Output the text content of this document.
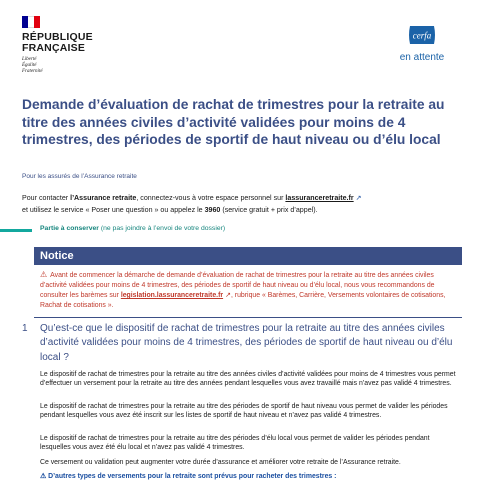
RÉPUBLIQUE
FRANÇAISE
Liberté
Égalité
Fraternité
cerfa
en attente
Demande d’évaluation de rachat de trimestres pour la retraite au titre des années civiles d’activité validées pour moins de 4 trimestres, des périodes de sportif de haut niveau ou d’élu local
Pour les assurés de l’Assurance retraite
Pour contacter l’Assurance retraite, connectez-vous à votre espace personnel sur lassuranceretraite.fr ↗
et utilisez le service « Poser une question » ou appelez le 3960 (service gratuit + prix d’appel).
Partie à conserver (ne pas joindre à l’envoi de votre dossier)
Notice
⚠ Avant de commencer la démarche de demande d’évaluation de rachat de trimestres pour la retraite au titre des années civiles d’activité validées pour moins de 4 trimestres, des périodes de sportif de haut niveau ou d’élu local, nous vous recommandons de consulter les barèmes sur legislation.lassuranceretraite.fr ↗, rubrique « Barèmes, Carrière, Versements volontaires de cotisations, Rachat de cotisations ».
1 Qu’est-ce que le dispositif de rachat de trimestres pour la retraite au titre des années civiles d’activité validées pour moins de 4 trimestres, des périodes de sportif de haut niveau ou d’élu local ?

Le dispositif de rachat de trimestres pour la retraite au titre des années civiles d’activité validées pour moins de 4 trimestres vous permet d’effectuer un versement pour la retraite au titre des années pendant lesquelles vous avez travaillé mais n’avez pas validé 4 trimestres.

Le dispositif de rachat de trimestres pour la retraite au titre des périodes de sportif de haut niveau vous permet de valider les périodes pendant lesquelles vous avez été inscrit sur les listes de sportif de haut niveau et n’avez pas validé 4 trimestres.

Le dispositif de rachat de trimestres pour la retraite au titre des périodes d’élu local vous permet de valider les périodes pendant lesquelles vous avez été élu local et n’avez pas validé 4 trimestres.

Ce versement ou validation peut augmenter votre durée d’assurance et améliorer votre retraite de l’Assurance retraite.

⚠ D’autres types de versements pour la retraite sont prévus pour racheter des trimestres :
